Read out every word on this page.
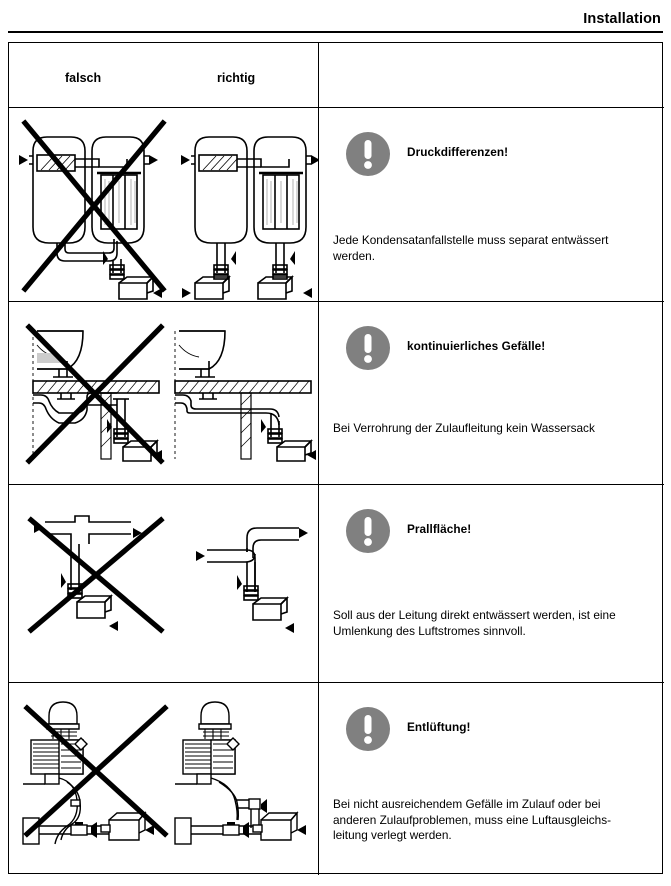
Installation
falsch	richtig
Druckdifferenzen!
Jede Kondensatanfallstelle muss separat entwässert
werden.
kontinuierliches Gefälle!
Bei Verrohrung der Zulaufleitung kein Wassersack
Prallfläche!
Soll aus der Leitung direkt entwässert werden, ist eine
Umlenkung des Luftstromes sinnvoll.
Entlüftung!
Bei nicht ausreichendem Gefälle im Zulauf oder bei
anderen Zulaufproblemen, muss eine Luftausgleichs-
leitung verlegt werden.
